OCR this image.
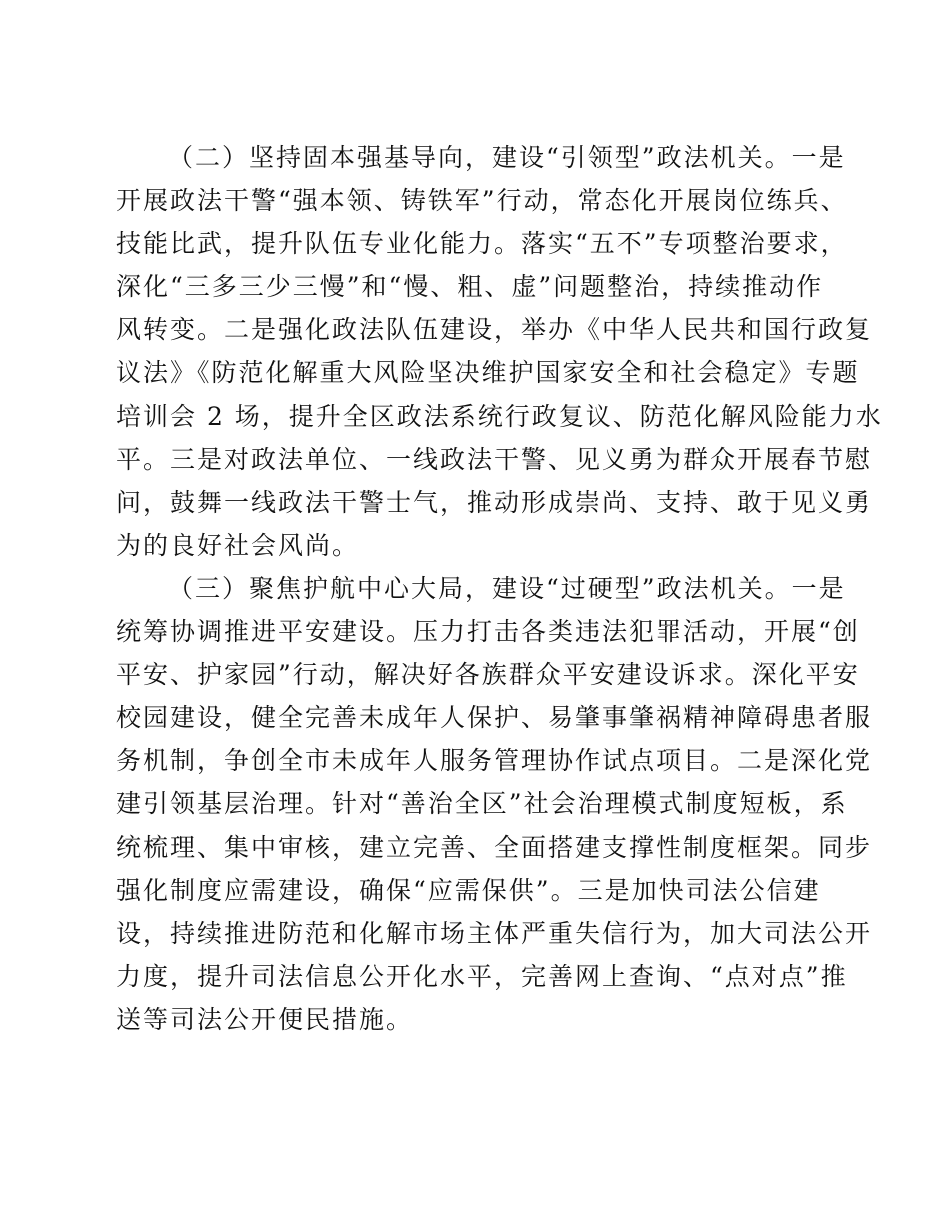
（二）坚持固本强基导向，建设“引领型”政法机关。一是
开展政法干警“强本领、铸铁军”行动，常态化开展岗位练兵、
技能比武，提升队伍专业化能力。落实“五不”专项整治要求，
深化“三多三少三慢”和“慢、粗、虚”问题整治，持续推动作
风转变。二是强化政法队伍建设，举办《中华人民共和国行政复
议法》《防范化解重大风险坚决维护国家安全和社会稳定》专题
培训会 2 场，提升全区政法系统行政复议、防范化解风险能力水
平。三是对政法单位、一线政法干警、见义勇为群众开展春节慰
问，鼓舞一线政法干警士气，推动形成崇尚、支持、敢于见义勇
为的良好社会风尚。
（三）聚焦护航中心大局，建设“过硬型”政法机关。一是
统筹协调推进平安建设。压力打击各类违法犯罪活动，开展“创
平安、护家园”行动，解决好各族群众平安建设诉求。深化平安
校园建设，健全完善未成年人保护、易肇事肇祸精神障碍患者服
务机制，争创全市未成年人服务管理协作试点项目。二是深化党
建引领基层治理。针对“善治全区”社会治理模式制度短板，系
统梳理、集中审核，建立完善、全面搭建支撑性制度框架。同步
强化制度应需建设，确保“应需保供”。三是加快司法公信建
设，持续推进防范和化解市场主体严重失信行为，加大司法公开
力度，提升司法信息公开化水平，完善网上查询、“点对点”推
送等司法公开便民措施。
